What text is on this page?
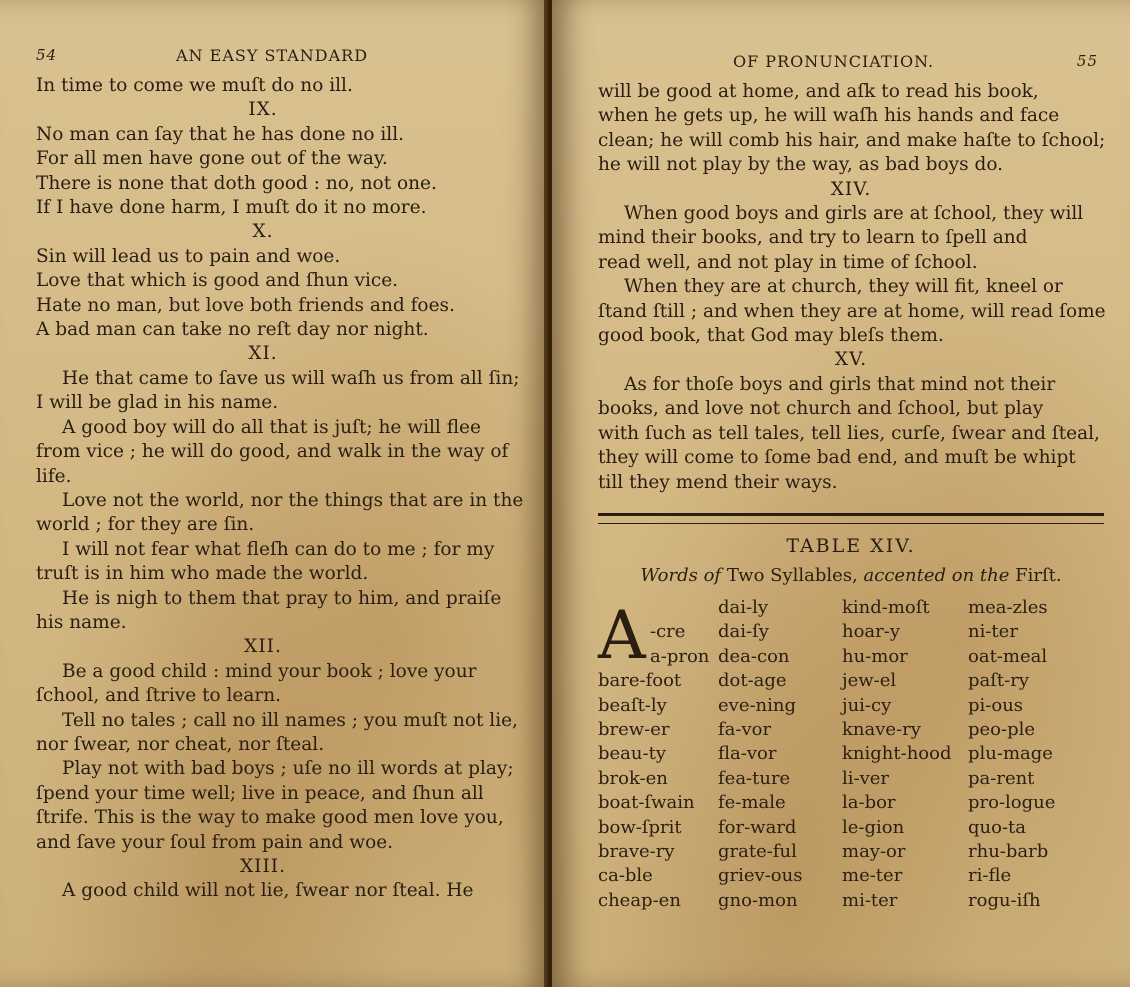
54	AN EASY STANDARD
In time to come we muſt do no ill.
IX.
No man can ſay that he has done no ill.
For all men have gone out of the way.
There is none that doth good : no, not one.
If I have done harm, I muſt do it no more.
X.
Sin will lead us to pain and woe.
Love that which is good and ſhun vice.
Hate no man, but love both friends and foes.
A bad man can take no reſt day nor night.
XI.
He that came to ſave us will waſh us from all ſin;
I will be glad in his name.
A good boy will do all that is juſt; he will flee
from vice ; he will do good, and walk in the way of
life.
Love not the world, nor the things that are in the
world ; for they are ſin.
I will not fear what fleſh can do to me ; for my
truſt is in him who made the world.
He is nigh to them that pray to him, and praiſe
his name.
XII.
Be a good child : mind your book ; love your
ſchool, and ſtrive to learn.
Tell no tales ; call no ill names ; you muſt not lie,
nor ſwear, nor cheat, nor ſteal.
Play not with bad boys ; uſe no ill words at play;
ſpend your time well; live in peace, and ſhun all
ſtrife. This is the way to make good men love you,
and ſave your ſoul from pain and woe.
XIII.
A good child will not lie, ſwear nor ſteal. He
OF PRONUNCIATION.	55
will be good at home, and aſk to read his book,
when he gets up, he will waſh his hands and face
clean; he will comb his hair, and make haſte to ſchool;
he will not play by the way, as bad boys do.
XIV.
When good boys and girls are at ſchool, they will
mind their books, and try to learn to ſpell and
read well, and not play in time of ſchool.
When they are at church, they will fit, kneel or
ſtand ſtill ; and when they are at home, will read ſome
good book, that God may bleſs them.
XV.
As for thoſe boys and girls that mind not their
books, and love not church and ſchool, but play
with ſuch as tell tales, tell lies, curſe, ſwear and ſteal,
they will come to ſome bad end, and muſt be whipt
till they mend their ways.
TABLE XIV.
Words of Two Syllables, accented on the Firſt.
A -cre
a-pron
bare-foot
beaſt-ly
brew-er
beau-ty
brok-en
boat-ſwain
bow-ſprit
brave-ry
ca-ble
cheap-en
dai-ly
dai-ſy
dea-con
dot-age
eve-ning
fa-vor
fla-vor
fea-ture
fe-male
for-ward
grate-ful
griev-ous
gno-mon
kind-moſt
hoar-y
hu-mor
jew-el
jui-cy
knave-ry
knight-hood
li-ver
la-bor
le-gion
may-or
me-ter
mi-ter
mea-zles
ni-ter
oat-meal
paſt-ry
pi-ous
peo-ple
plu-mage
pa-rent
pro-logue
quo-ta
rhu-barb
ri-fle
rogu-iſh
